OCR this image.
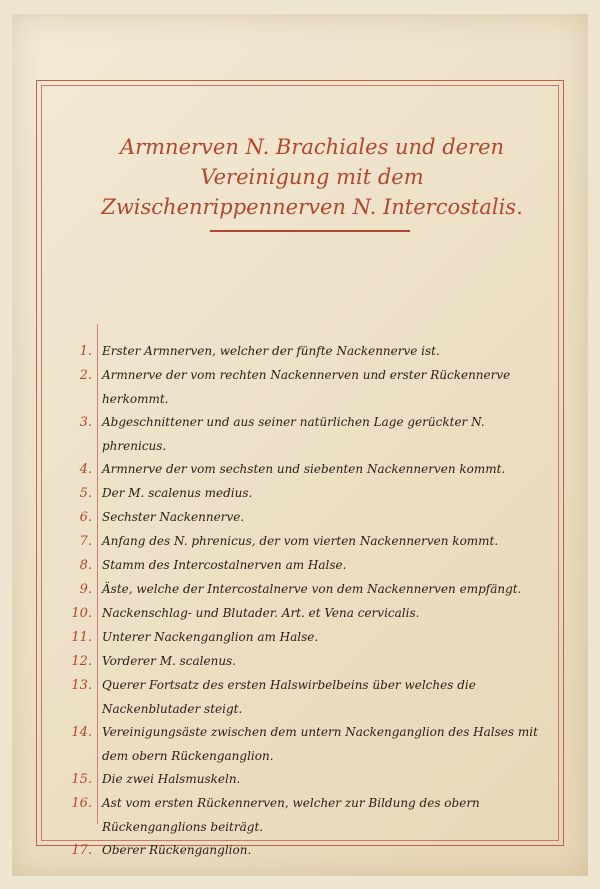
Armnerven N. Brachiales und deren Vereinigung mit dem Zwischenrippennerven N. Intercostalis.
1. Erster Armnerven, welcher der fünfte Nackennerve ist.
2. Armnerve der vom rechten Nackennerven und erster Rückennerve herkommt.
3. Abgeschnittener und aus seiner natürlichen Lage gerückter N. phrenicus.
4. Armnerve der vom sechsten und siebenten Nackennerven kommt.
5. Der M. scalenus medius.
6. Sechster Nackennerve.
7. Anfang des N. phrenicus, der vom vierten Nackennerven kommt.
8. Stamm des Intercostalnerven am Halse.
9. Äste, welche der Intercostalnerve von dem Nackennerven empfängt.
10. Nackenschlag- und Blutader. Art. et Vena cervicalis.
11. Unterer Nackenganglion am Halse.
12. Vorderer M. scalenus.
13. Querer Fortsatz des ersten Halswirbelbeins über welches die Nackenblutader steigt.
14. Vereinigungsäste zwischen dem untern Nackenganglion des Halses mit dem obern Rückenganglion.
15. Die zwei Halsmuskeln.
16. Ast vom ersten Rückennerven, welcher zur Bildung des obern Rückenganglions beiträgt.
17. Oberer Rückenganglion.
